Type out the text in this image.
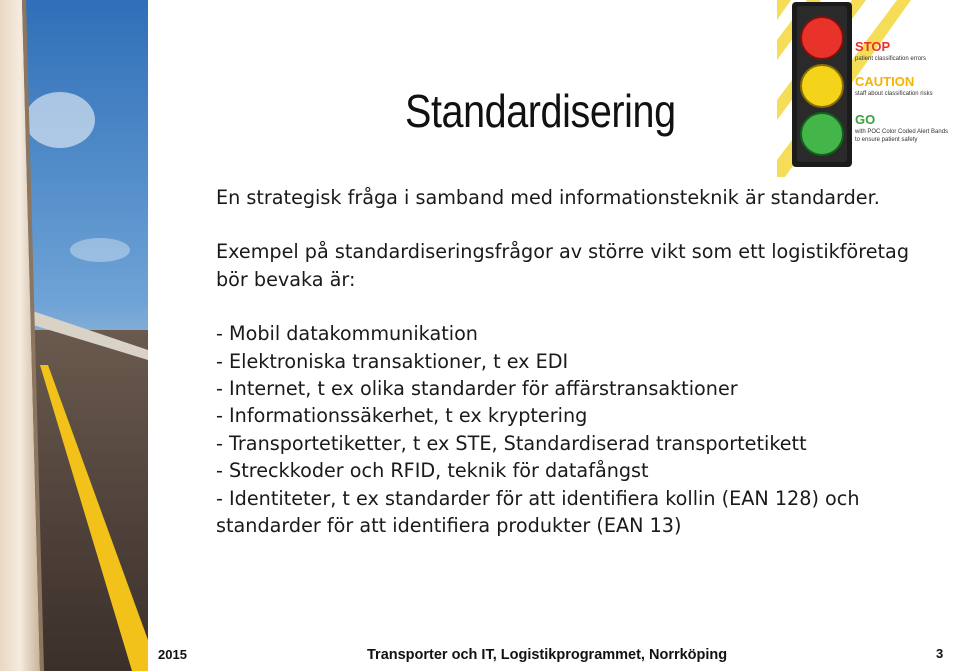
STOP
patient classification errors
CAUTION
staff about classification risks
GO
with POC Color Coded Alert Bands
to ensure patient safety
Standardisering

En strategisk fråga i samband med informationsteknik är standarder.

Exempel på standardiseringsfrågor av större vikt som ett logistikföretag bör bevaka är:

- Mobil datakommunikation

- Elektroniska transaktioner, t ex EDI

- Internet, t ex olika standarder för affärstransaktioner

- Informationssäkerhet, t ex kryptering

- Transportetiketter, t ex STE, Standardiserad transportetikett

- Streckkoder och RFID, teknik för datafångst

- Identiteter, t ex standarder för att identifiera kollin (EAN 128) och standarder för att identifiera produkter (EAN 13)

2015	Transporter och IT, Logistikprogrammet, Norrköping	3
